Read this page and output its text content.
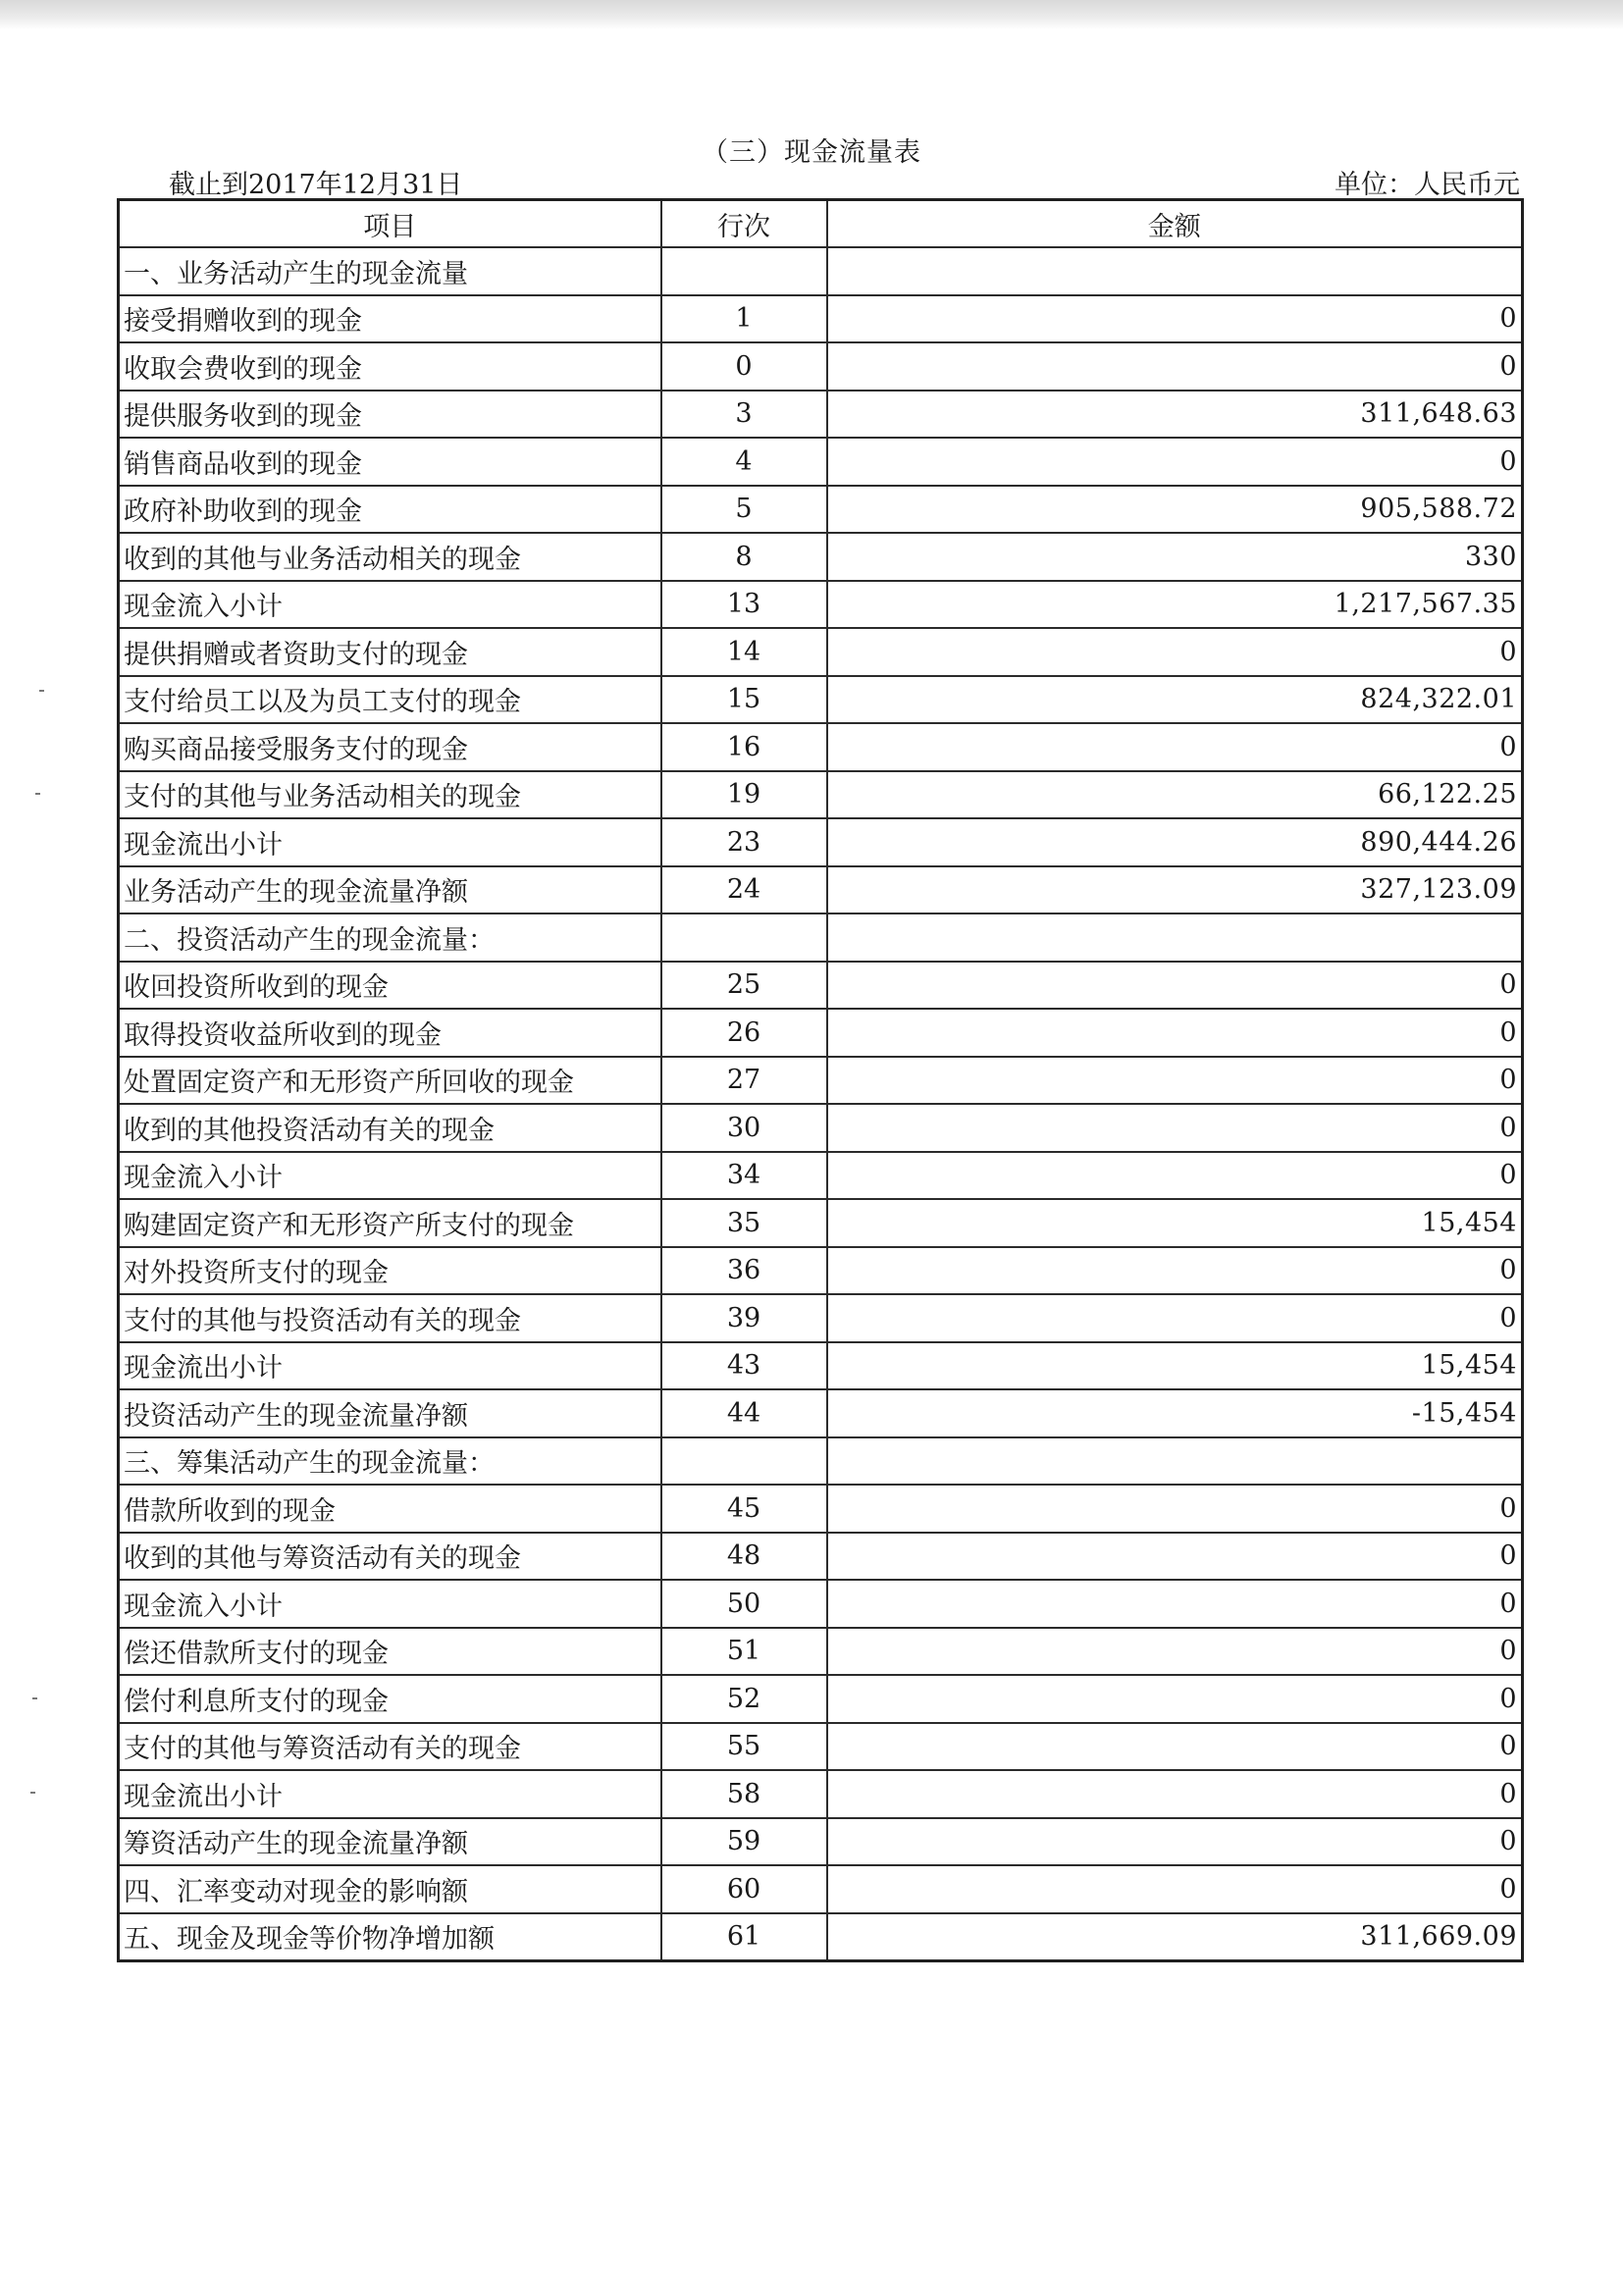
（三）现金流量表
截止到2017年12月31日	单位：人民币元
项目	行次	金额
一、业务活动产生的现金流量		
接受捐赠收到的现金	1	0
收取会费收到的现金	0	0
提供服务收到的现金	3	311,648.63
销售商品收到的现金	4	0
政府补助收到的现金	5	905,588.72
收到的其他与业务活动相关的现金	8	330
现金流入小计	13	1,217,567.35
提供捐赠或者资助支付的现金	14	0
支付给员工以及为员工支付的现金	15	824,322.01
购买商品接受服务支付的现金	16	0
支付的其他与业务活动相关的现金	19	66,122.25
现金流出小计	23	890,444.26
业务活动产生的现金流量净额	24	327,123.09
二、投资活动产生的现金流量：		
收回投资所收到的现金	25	0
取得投资收益所收到的现金	26	0
处置固定资产和无形资产所回收的现金	27	0
收到的其他投资活动有关的现金	30	0
现金流入小计	34	0
购建固定资产和无形资产所支付的现金	35	15,454
对外投资所支付的现金	36	0
支付的其他与投资活动有关的现金	39	0
现金流出小计	43	15,454
投资活动产生的现金流量净额	44	-15,454
三、筹集活动产生的现金流量：		
借款所收到的现金	45	0
收到的其他与筹资活动有关的现金	48	0
现金流入小计	50	0
偿还借款所支付的现金	51	0
偿付利息所支付的现金	52	0
支付的其他与筹资活动有关的现金	55	0
现金流出小计	58	0
筹资活动产生的现金流量净额	59	0
四、汇率变动对现金的影响额	60	0
五、现金及现金等价物净增加额	61	311,669.09
